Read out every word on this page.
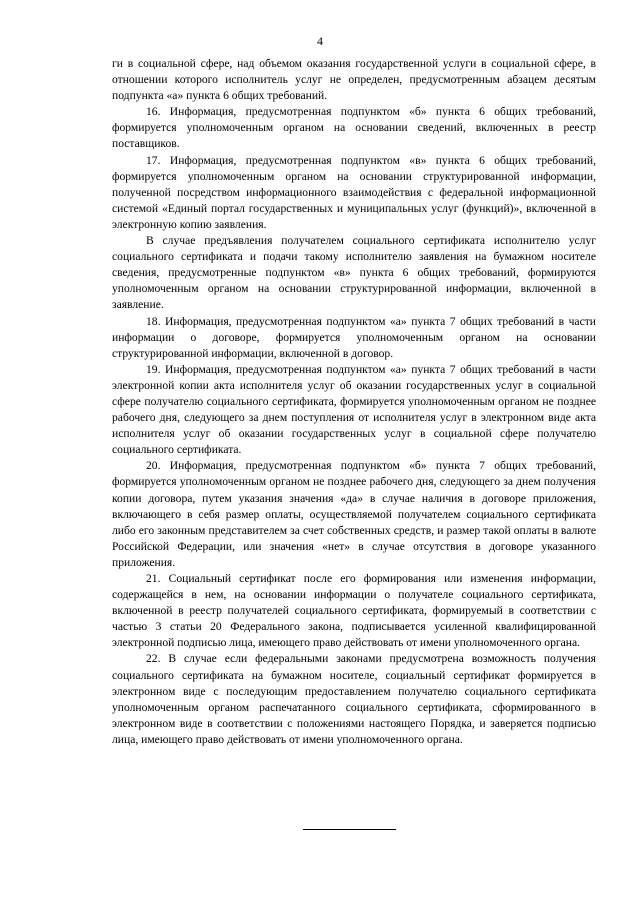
4

ги в социальной сфере, над объемом оказания государственной услуги в социальной сфере, в отношении которого исполнитель услуг не определен, предусмотренным абзацем десятым подпункта «а» пункта 6 общих требований.

16. Информация, предусмотренная подпунктом «б» пункта 6 общих требований, формируется уполномоченным органом на основании сведений, включенных в реестр поставщиков.

17. Информация, предусмотренная подпунктом «в» пункта 6 общих требований, формируется уполномоченным органом на основании структурированной информации, полученной посредством информационного взаимодействия с федеральной информационной системой «Единый портал государственных и муниципальных услуг (функций)», включенной в электронную копию заявления.

В случае предъявления получателем социального сертификата исполнителю услуг социального сертификата и подачи такому исполнителю заявления на бумажном носителе сведения, предусмотренные подпунктом «в» пункта 6 общих требований, формируются уполномоченным органом на основании структурированной информации, включенной в заявление.

18. Информация, предусмотренная подпунктом «а» пункта 7 общих требований в части информации о договоре, формируется уполномоченным органом на основании структурированной информации, включенной в договор.

19. Информация, предусмотренная подпунктом «а» пункта 7 общих требований в части электронной копии акта исполнителя услуг об оказании государственных услуг в социальной сфере получателю социального сертификата, формируется уполномоченным органом не позднее рабочего дня, следующего за днем поступления от исполнителя услуг в электронном виде акта исполнителя услуг об оказании государственных услуг в социальной сфере получателю социального сертификата.

20. Информация, предусмотренная подпунктом «б» пункта 7 общих требований, формируется уполномоченным органом не позднее рабочего дня, следующего за днем получения копии договора, путем указания значения «да» в случае наличия в договоре приложения, включающего в себя размер оплаты, осуществляемой получателем социального сертификата либо его законным представителем за счет собственных средств, и размер такой оплаты в валюте Российской Федерации, или значения «нет» в случае отсутствия в договоре указанного приложения.

21. Социальный сертификат после его формирования или изменения информации, содержащейся в нем, на основании информации о получателе социального сертификата, включенной в реестр получателей социального сертификата, формируемый в соответствии с частью 3 статьи 20 Федерального закона, подписывается усиленной квалифицированной электронной подписью лица, имеющего право действовать от имени уполномоченного органа.

22. В случае если федеральными законами предусмотрена возможность получения социального сертификата на бумажном носителе, социальный сертификат формируется в электронном виде с последующим предоставлением получателю социального сертификата уполномоченным органом распечатанного социального сертификата, сформированного в электронном виде в соответствии с положениями настоящего Порядка, и заверяется подписью лица, имеющего право действовать от имени уполномоченного органа.
